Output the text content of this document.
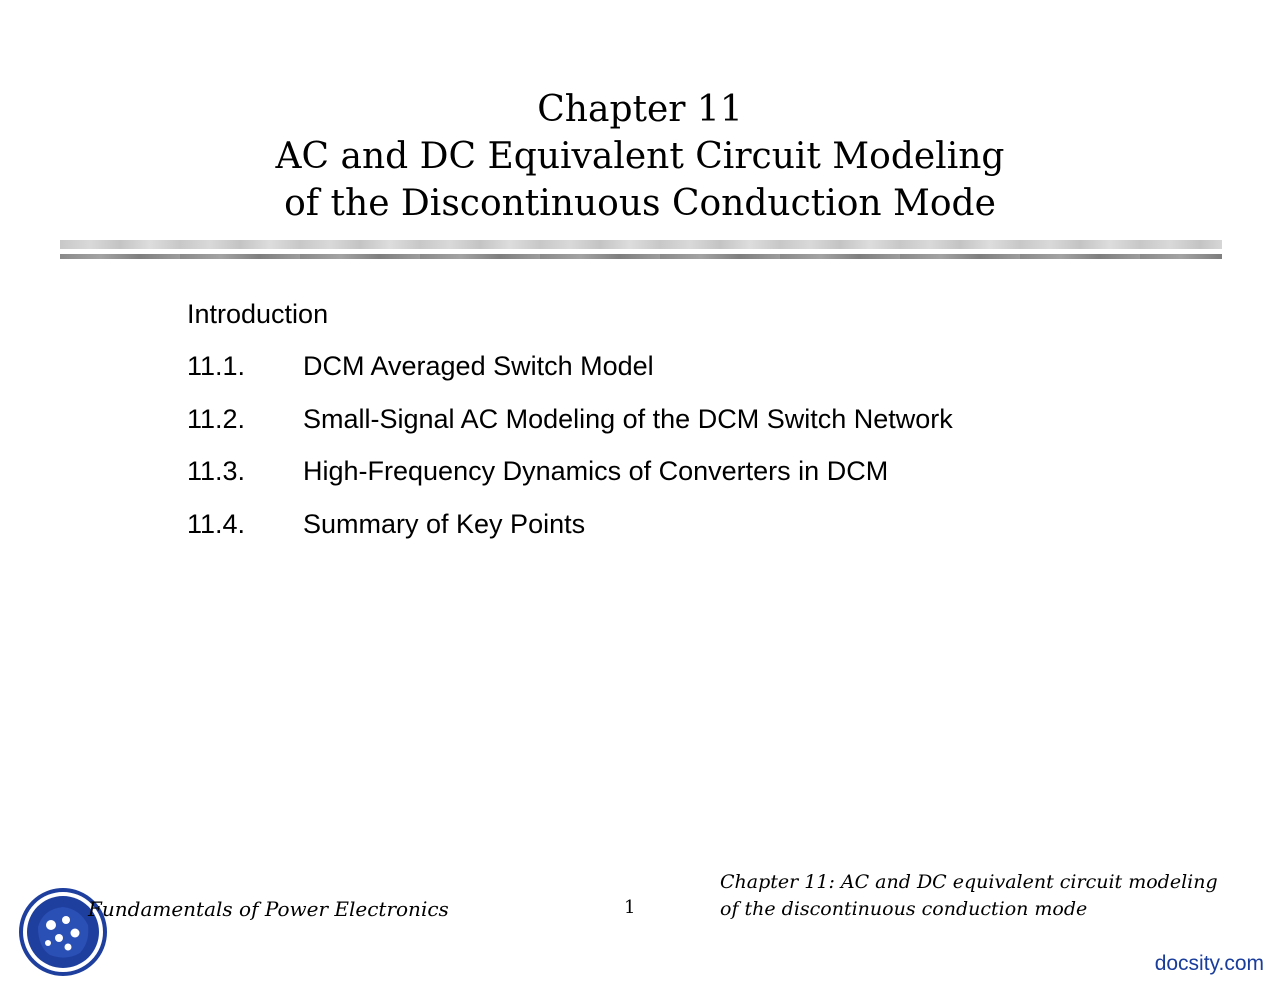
Chapter 11
AC and DC Equivalent Circuit Modeling
of the Discontinuous Conduction Mode
Introduction
11.1.	DCM Averaged Switch Model
11.2.	Small-Signal AC Modeling of the DCM Switch Network
11.3.	High-Frequency Dynamics of Converters in DCM
11.4.	Summary of Key Points
Fundamentals of Power Electronics	1
Chapter 11: AC and DC equivalent circuit modeling
of the discontinuous conduction mode
docsity.com
